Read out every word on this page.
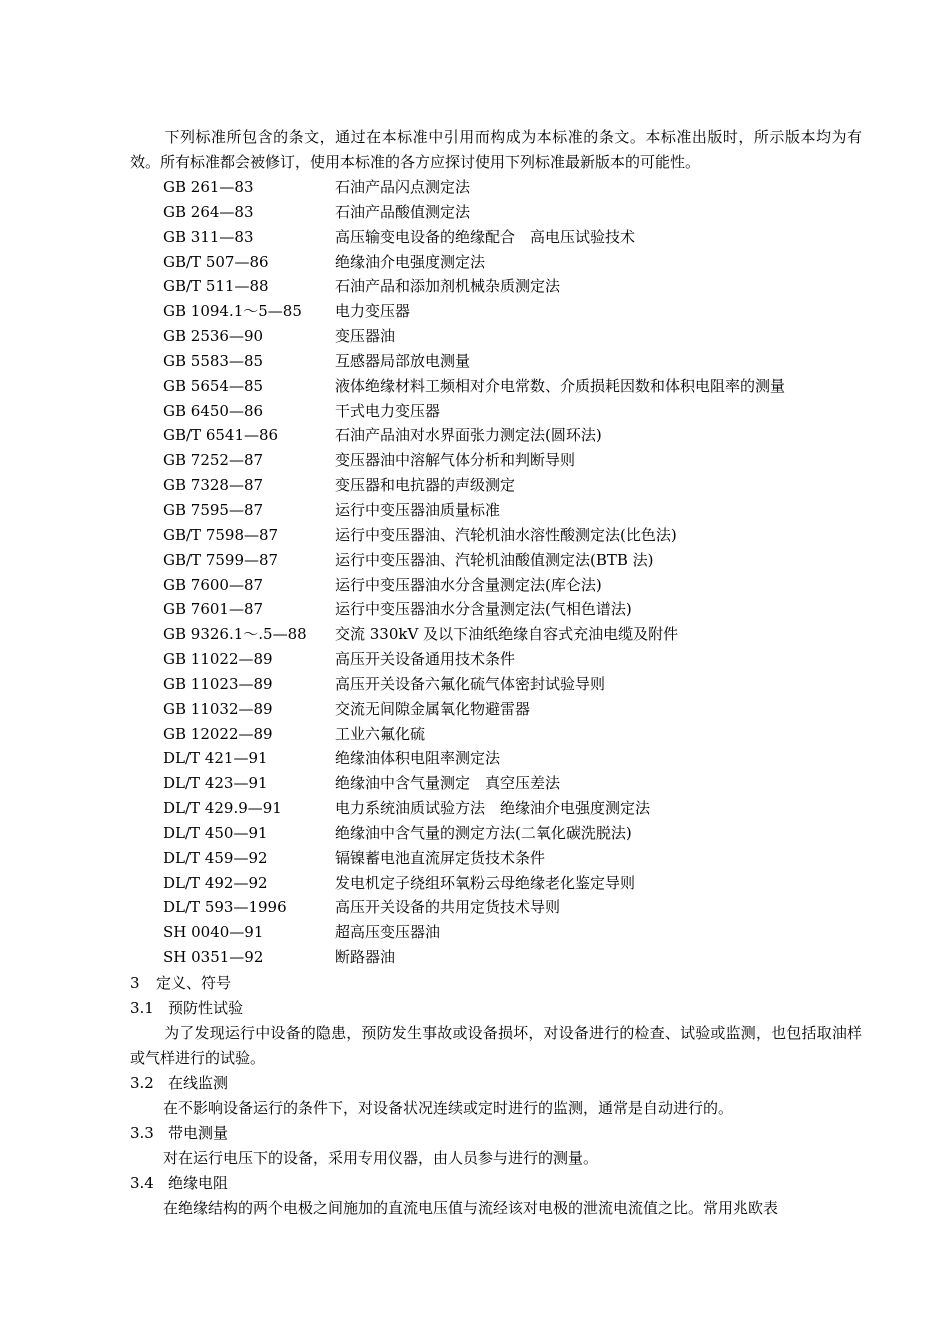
下列标准所包含的条文，通过在本标准中引用而构成为本标准的条文。本标准出版时，所示版本均为有效。所有标准都会被修订，使用本标准的各方应探讨使用下列标准最新版本的可能性。
GB 261—83	石油产品闪点测定法
GB 264—83	石油产品酸值测定法
GB 311—83	高压输变电设备的绝缘配合　高电压试验技术
GB/T 507—86	绝缘油介电强度测定法
GB/T 511—88	石油产品和添加剂机械杂质测定法
GB 1094.1～5—85 电力变压器
GB 2536—90	变压器油
GB 5583—85	互感器局部放电测量
GB 5654—85	液体绝缘材料工频相对介电常数、介质损耗因数和体积电阻率的测量
GB 6450—86	干式电力变压器
GB/T 6541—86	石油产品油对水界面张力测定法(圆环法)
GB 7252—87	变压器油中溶解气体分析和判断导则
GB 7328—87	变压器和电抗器的声级测定
GB 7595—87	运行中变压器油质量标准
GB/T 7598—87	运行中变压器油、汽轮机油水溶性酸测定法(比色法)
GB/T 7599—87	运行中变压器油、汽轮机油酸值测定法(BTB 法)
GB 7600—87	运行中变压器油水分含量测定法(库仑法)
GB 7601—87	运行中变压器油水分含量测定法(气相色谱法)
GB 9326.1～.5—88 交流 330kV 及以下油纸绝缘自容式充油电缆及附件
GB 11022—89	高压开关设备通用技术条件
GB 11023—89	高压开关设备六氟化硫气体密封试验导则
GB 11032—89	交流无间隙金属氧化物避雷器
GB 12022—89	工业六氟化硫
DL/T 421—91	绝缘油体积电阻率测定法
DL/T 423—91	绝缘油中含气量测定　真空压差法
DL/T 429.9—91	电力系统油质试验方法　绝缘油介电强度测定法
DL/T 450—91	绝缘油中含气量的测定方法(二氧化碳洗脱法)
DL/T 459—92	镉镍蓄电池直流屏定货技术条件
DL/T 492—92	发电机定子绕组环氧粉云母绝缘老化鉴定导则
DL/T 593—1996	高压开关设备的共用定货技术导则
SH 0040—91	超高压变压器油
SH 0351—92	断路器油
3 定义、符号
3.1 预防性试验
为了发现运行中设备的隐患，预防发生事故或设备损坏，对设备进行的检查、试验或监测，也包括取油样或气样进行的试验。
3.2 在线监测
在不影响设备运行的条件下，对设备状况连续或定时进行的监测，通常是自动进行的。
3.3 带电测量
对在运行电压下的设备，采用专用仪器，由人员参与进行的测量。
3.4 绝缘电阻
在绝缘结构的两个电极之间施加的直流电压值与流经该对电极的泄流电流值之比。常用兆欧表
